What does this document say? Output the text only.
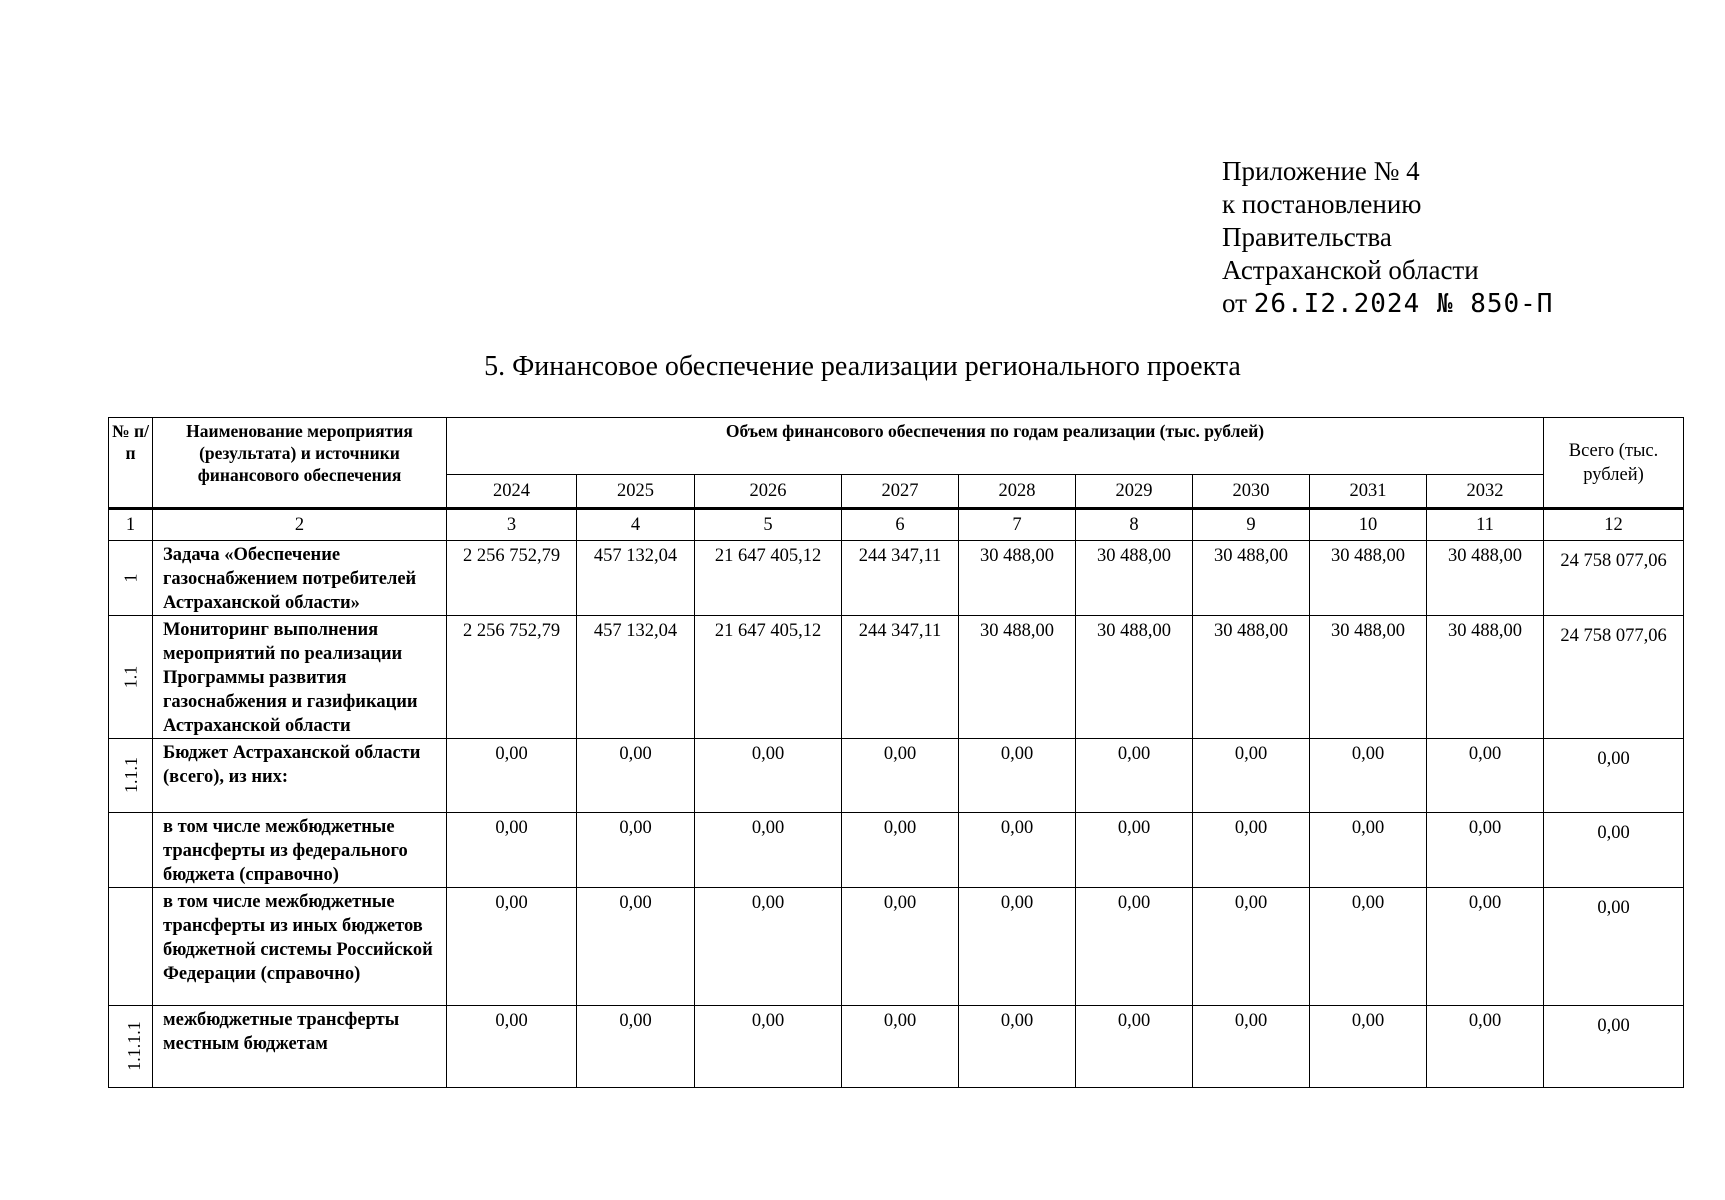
Приложение № 4
к постановлению
Правительства
Астраханской области
от 26.I2.2024 № 850-П
5. Финансовое обеспечение реализации регионального проекта
№ п/п	Наименование мероприятия (результата) и источники финансового обеспечения	Объем финансового обеспечения по годам реализации (тыс. рублей)									Всего (тыс. рублей)
		2024	2025	2026	2027	2028	2029	2030	2031	2032	
1	2	3	4	5	6	7	8	9	10	11	12
1	Задача «Обеспечение газоснабжением потребителей Астраханской области»	2 256 752,79	457 132,04	21 647 405,12	244 347,11	30 488,00	30 488,00	30 488,00	30 488,00	30 488,00	24 758 077,06
1.1	Мониторинг выполнения мероприятий по реализации Программы развития газоснабжения и газификации Астраханской области	2 256 752,79	457 132,04	21 647 405,12	244 347,11	30 488,00	30 488,00	30 488,00	30 488,00	30 488,00	24 758 077,06
1.1.1	Бюджет Астраханской области (всего), из них:	0,00	0,00	0,00	0,00	0,00	0,00	0,00	0,00	0,00	0,00
	в том числе межбюджетные трансферты из федерального бюджета (справочно)	0,00	0,00	0,00	0,00	0,00	0,00	0,00	0,00	0,00	0,00
	в том числе межбюджетные трансферты из иных бюджетов бюджетной системы Российской Федерации (справочно)	0,00	0,00	0,00	0,00	0,00	0,00	0,00	0,00	0,00	0,00
1.1.1.1	межбюджетные трансферты местным бюджетам	0,00	0,00	0,00	0,00	0,00	0,00	0,00	0,00	0,00	0,00
